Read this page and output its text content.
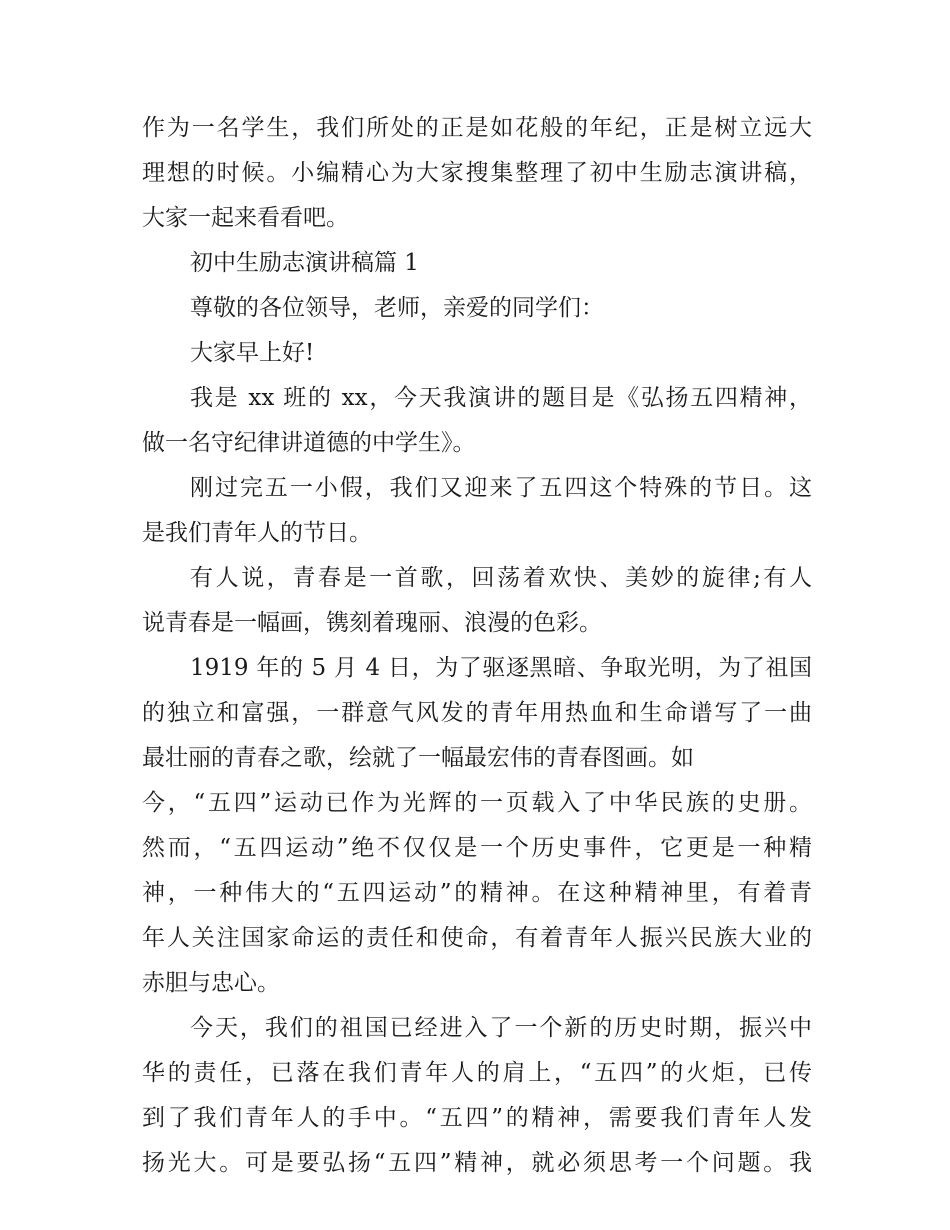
作为一名学生，我们所处的正是如花般的年纪，正是树立远大
理想的时候。小编精心为大家搜集整理了初中生励志演讲稿，
大家一起来看看吧。
初中生励志演讲稿篇 1
尊敬的各位领导，老师，亲爱的同学们：
大家早上好!
我是 xx 班的 xx，今天我演讲的题目是《弘扬五四精神，
做一名守纪律讲道德的中学生》。
刚过完五一小假，我们又迎来了五四这个特殊的节日。这
是我们青年人的节日。
有人说，青春是一首歌，回荡着欢快、美妙的旋律;有人
说青春是一幅画，镌刻着瑰丽、浪漫的色彩。
1919 年的 5 月 4 日，为了驱逐黑暗、争取光明，为了祖国
的独立和富强，一群意气风发的青年用热血和生命谱写了一曲
最壮丽的青春之歌，绘就了一幅最宏伟的青春图画。如
今，“五四”运动已作为光辉的一页载入了中华民族的史册。
然而，“五四运动”绝不仅仅是一个历史事件，它更是一种精
神，一种伟大的“五四运动”的精神。在这种精神里，有着青
年人关注国家命运的责任和使命，有着青年人振兴民族大业的
赤胆与忠心。
今天，我们的祖国已经进入了一个新的历史时期，振兴中
华的责任，已落在我们青年人的肩上，“五四”的火炬，已传
到了我们青年人的手中。“五四”的精神，需要我们青年人发
扬光大。可是要弘扬“五四”精神，就必须思考一个问题。我
